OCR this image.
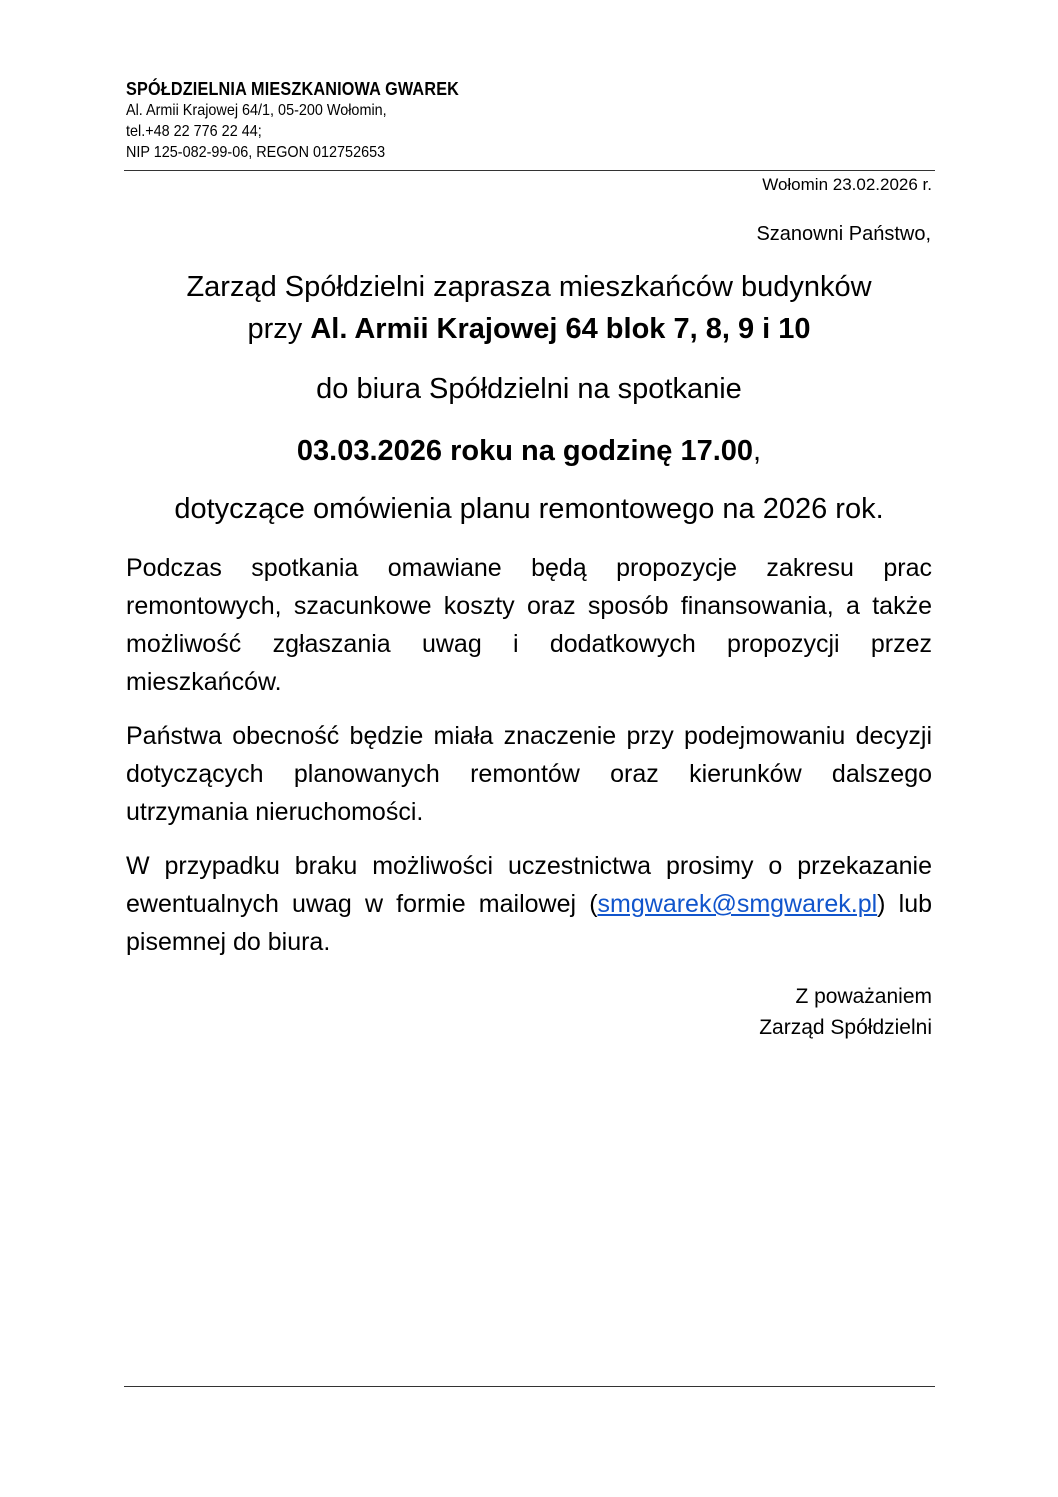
SPÓŁDZIELNIA MIESZKANIOWA GWAREK
Al. Armii Krajowej 64/1, 05-200 Wołomin,
tel.+48 22 776 22 44;
NIP 125-082-99-06, REGON 012752653
Wołomin 23.02.2026 r.
Szanowni Państwo,
Zarząd Spółdzielni zaprasza mieszkańców budynków
przy Al. Armii Krajowej 64 blok 7, 8, 9 i 10
do biura Spółdzielni na spotkanie
03.03.2026 roku na godzinę 17.00,
dotyczące omówienia planu remontowego na 2026 rok.
Podczas spotkania omawiane będą propozycje zakresu prac remontowych, szacunkowe koszty oraz sposób finansowania, a także możliwość zgłaszania uwag i dodatkowych propozycji przez mieszkańców.
Państwa obecność będzie miała znaczenie przy podejmowaniu decyzji dotyczących planowanych remontów oraz kierunków dalszego utrzymania nieruchomości.
W przypadku braku możliwości uczestnictwa prosimy o przekazanie ewentualnych uwag w formie mailowej (smgwarek@smgwarek.pl) lub pisemnej do biura.
Z poważaniem
Zarząd Spółdzielni
